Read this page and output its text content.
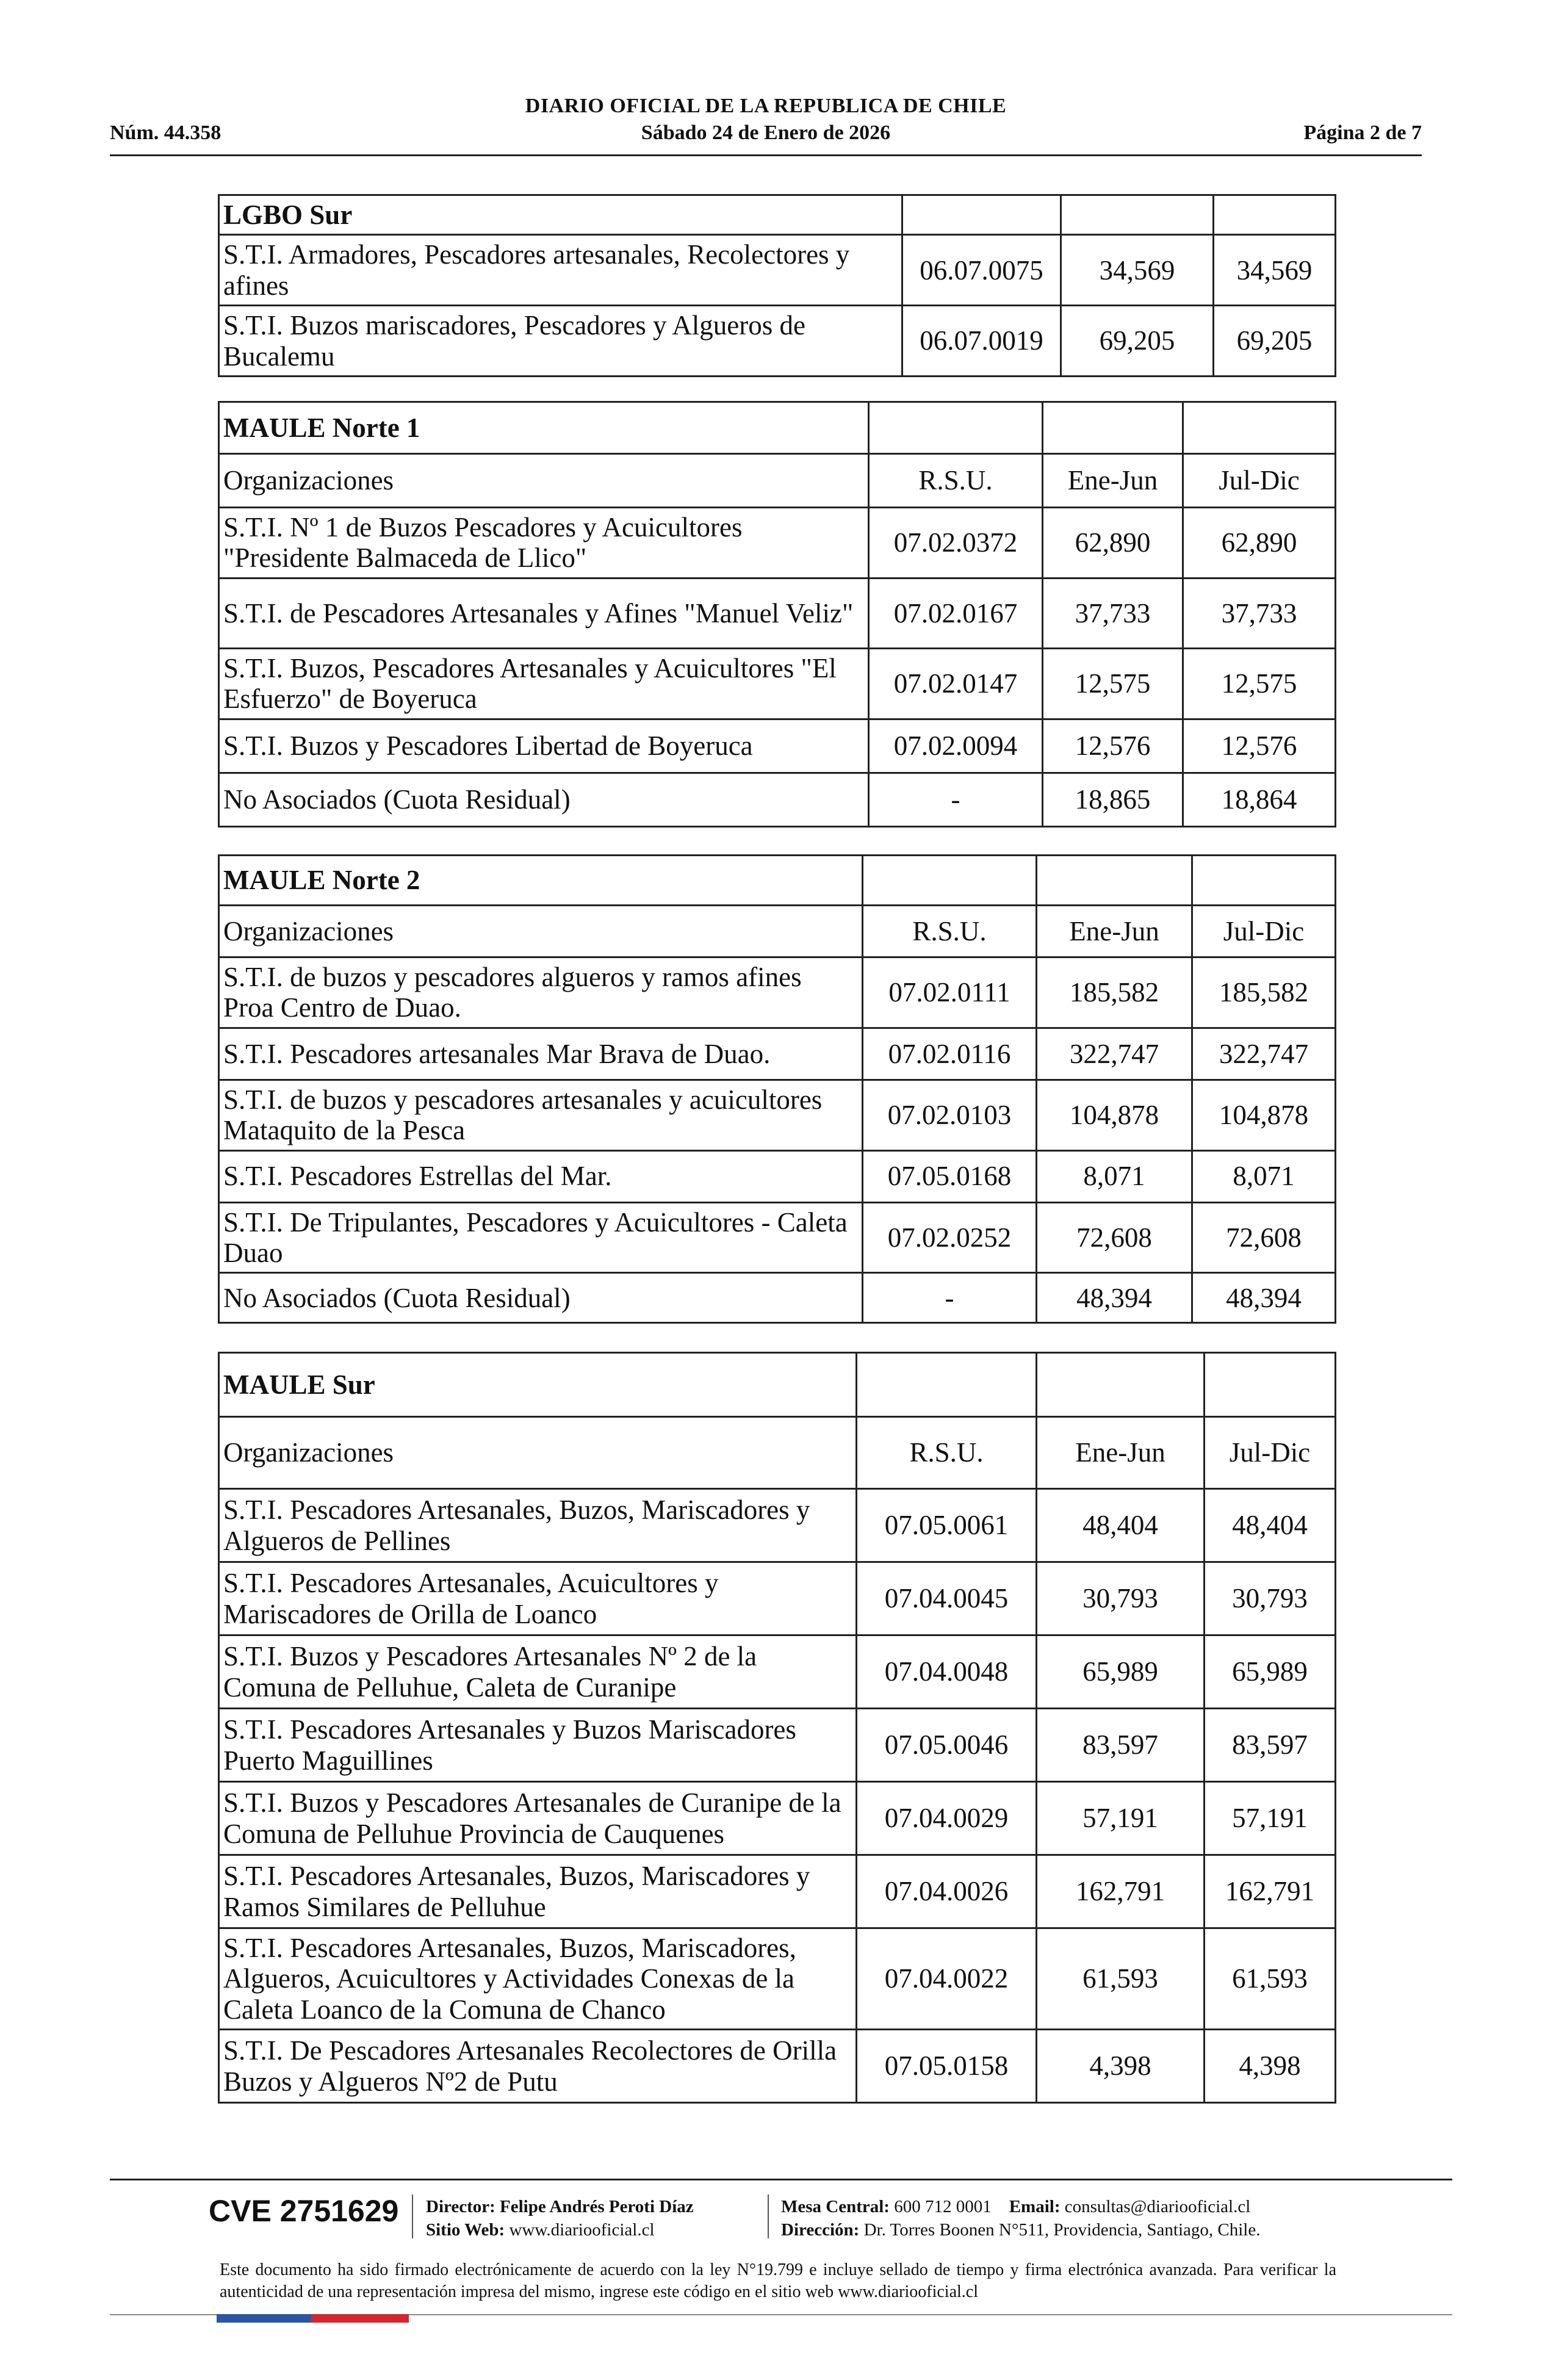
DIARIO OFICIAL DE LA REPUBLICA DE CHILE
Núm. 44.358	Sábado 24 de Enero de 2026	Página 2 de 7
LGBO Sur			
S.T.I. Armadores, Pescadores artesanales, Recolectores y afines	06.07.0075	34,569	34,569
S.T.I. Buzos mariscadores, Pescadores y Algueros de Bucalemu	06.07.0019	69,205	69,205
MAULE Norte 1			
Organizaciones	R.S.U.	Ene-Jun	Jul-Dic
S.T.I. Nº 1 de Buzos Pescadores y Acuicultores "Presidente Balmaceda de Llico"	07.02.0372	62,890	62,890
S.T.I. de Pescadores Artesanales y Afines "Manuel Veliz"	07.02.0167	37,733	37,733
S.T.I. Buzos, Pescadores Artesanales y Acuicultores "El Esfuerzo" de Boyeruca	07.02.0147	12,575	12,575
S.T.I. Buzos y Pescadores Libertad de Boyeruca	07.02.0094	12,576	12,576
No Asociados (Cuota Residual)	-	18,865	18,864
MAULE Norte 2			
Organizaciones	R.S.U.	Ene-Jun	Jul-Dic
S.T.I. de buzos y pescadores algueros y ramos afines Proa Centro de Duao.	07.02.0111	185,582	185,582
S.T.I. Pescadores artesanales Mar Brava de Duao.	07.02.0116	322,747	322,747
S.T.I. de buzos y pescadores artesanales y acuicultores Mataquito de la Pesca	07.02.0103	104,878	104,878
S.T.I. Pescadores Estrellas del Mar.	07.05.0168	8,071	8,071
S.T.I. De Tripulantes, Pescadores y Acuicultores - Caleta Duao	07.02.0252	72,608	72,608
No Asociados (Cuota Residual)	-	48,394	48,394
MAULE Sur			
Organizaciones	R.S.U.	Ene-Jun	Jul-Dic
S.T.I. Pescadores Artesanales, Buzos, Mariscadores y Algueros de Pellines	07.05.0061	48,404	48,404
S.T.I. Pescadores Artesanales, Acuicultores y Mariscadores de Orilla de Loanco	07.04.0045	30,793	30,793
S.T.I. Buzos y Pescadores Artesanales Nº 2 de la Comuna de Pelluhue, Caleta de Curanipe	07.04.0048	65,989	65,989
S.T.I. Pescadores Artesanales y Buzos Mariscadores Puerto Maguillines	07.05.0046	83,597	83,597
S.T.I. Buzos y Pescadores Artesanales de Curanipe de la Comuna de Pelluhue Provincia de Cauquenes	07.04.0029	57,191	57,191
S.T.I. Pescadores Artesanales, Buzos, Mariscadores y Ramos Similares de Pelluhue	07.04.0026	162,791	162,791
S.T.I. Pescadores Artesanales, Buzos, Mariscadores, Algueros, Acuicultores y Actividades Conexas de la Caleta Loanco de la Comuna de Chanco	07.04.0022	61,593	61,593
S.T.I. De Pescadores Artesanales Recolectores de Orilla Buzos y Algueros Nº2 de Putu	07.05.0158	4,398	4,398
CVE 2751629 Director: Felipe Andrés Peroti Díaz
Sitio Web: www.diariooficial.cl
Mesa Central: 600 712 0001 Email: consultas@diariooficial.cl
Dirección: Dr. Torres Boonen N°511, Providencia, Santiago, Chile.
Este documento ha sido firmado electrónicamente de acuerdo con la ley N°19.799 e incluye sellado de tiempo y firma electrónica avanzada. Para verificar la autenticidad de una representación impresa del mismo, ingrese este código en el sitio web www.diariooficial.cl
